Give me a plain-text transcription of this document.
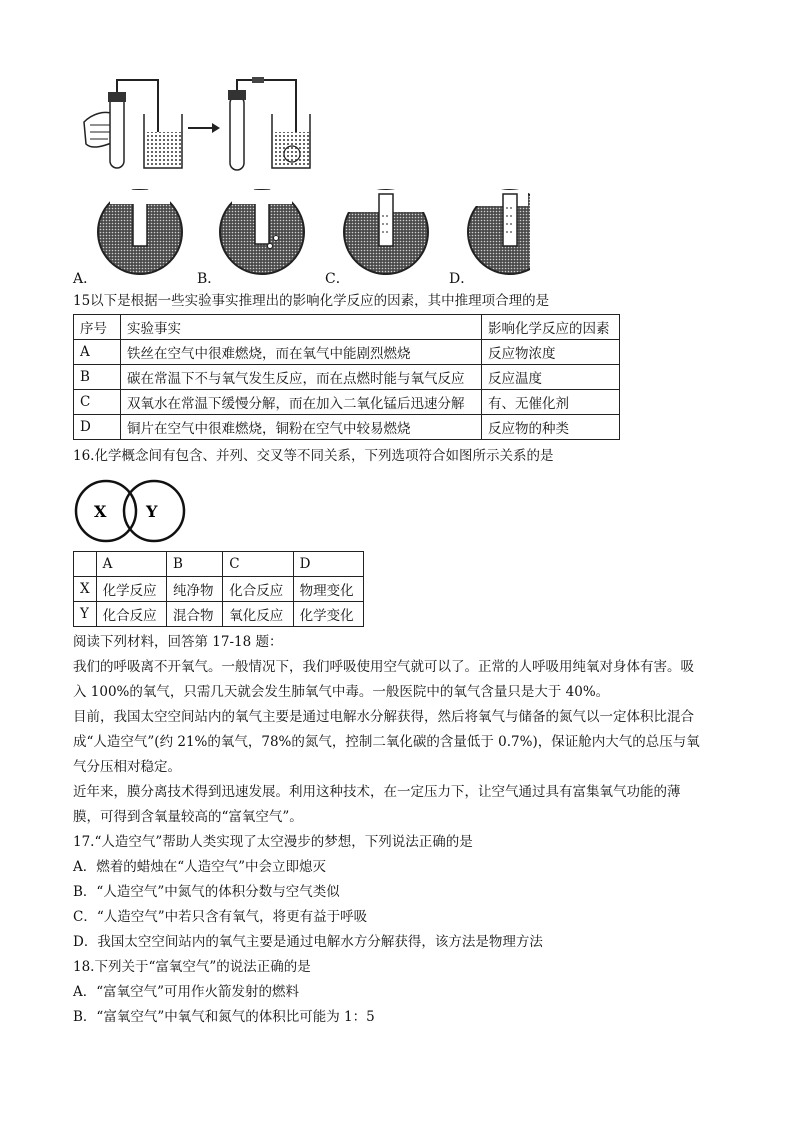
A．	B．	C．	D．
15以下是根据一些实验事实推理出的影响化学反应的因素，其中推理项合理的是
序号	实验事实	影响化学反应的因素
A	铁丝在空气中很难燃烧，而在氧气中能剧烈燃烧	反应物浓度
B	碳在常温下不与氧气发生反应，而在点燃时能与氧气反应	反应温度
C	双氧水在常温下缓慢分解，而在加入二氧化锰后迅速分解	有、无催化剂
D	铜片在空气中很难燃烧，铜粉在空气中较易燃烧	反应物的种类
16.化学概念间有包含、并列、交叉等不同关系，下列选项符合如图所示关系的是
X Y
	A	B	C	D
X	化学反应	纯净物	化合反应	物理变化
Y	化合反应	混合物	氧化反应	化学变化
阅读下列材料，回答第 17-18 题：
我们的呼吸离不开氧气。一般情况下，我们呼吸使用空气就可以了。正常的人呼吸用纯氧对身体有害。吸
入 100%的氧气，只需几天就会发生肺氧气中毒。一般医院中的氧气含量只是大于 40%。
目前，我国太空空间站内的氧气主要是通过电解水分解获得，然后将氧气与储备的氮气以一定体积比混合
成“人造空气”(约 21%的氧气，78%的氮气，控制二氧化碳的含量低于 0.7%)，保证舱内大气的总压与氧
气分压相对稳定。
近年来，膜分离技术得到迅速发展。利用这种技术，在一定压力下，让空气通过具有富集氧气功能的薄
膜，可得到含氧量较高的“富氧空气”。
17.“人造空气”帮助人类实现了太空漫步的梦想，下列说法正确的是
A．燃着的蜡烛在“人造空气”中会立即熄灭
B．“人造空气”中氮气的体积分数与空气类似
C．“人造空气”中若只含有氧气，将更有益于呼吸
D．我国太空空间站内的氧气主要是通过电解水方分解获得，该方法是物理方法
18.下列关于“富氧空气”的说法正确的是
A．“富氧空气”可用作火箭发射的燃料
B．“富氧空气”中氧气和氮气的体积比可能为 1：5
